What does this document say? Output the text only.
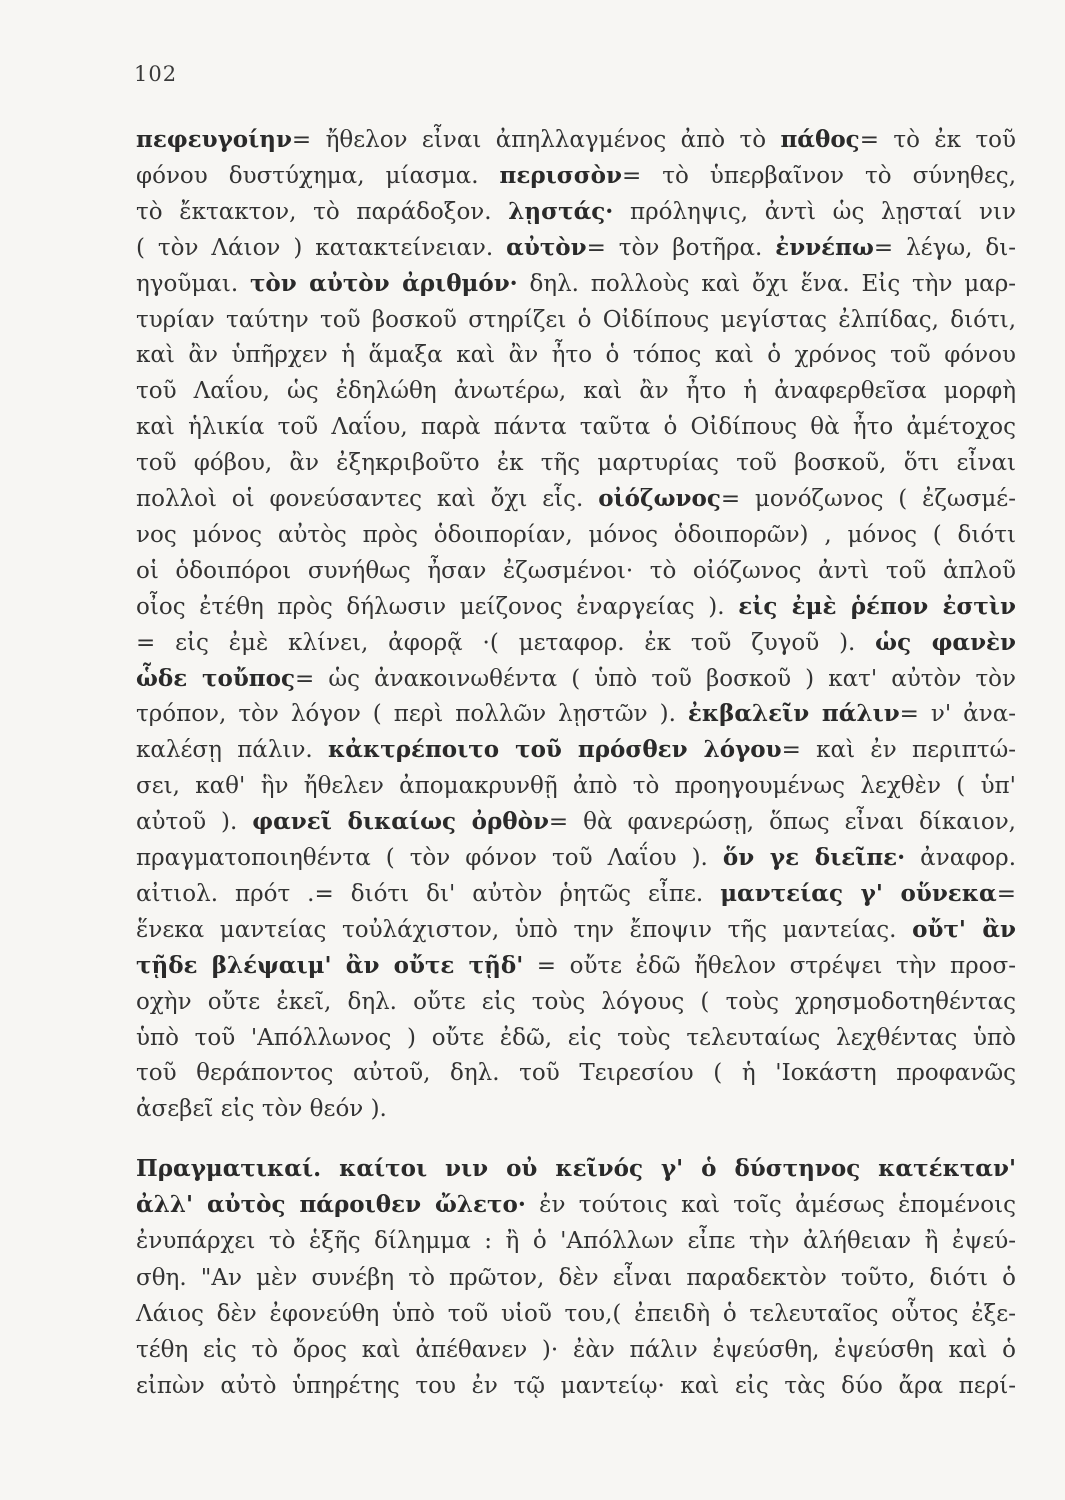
102
πεφευγοίην= ἤθελον εἶναι ἀπηλλαγμένος ἀπὸ τὸ πάθος= τὸ ἐκ τοῦ
φόνου δυστύχημα, μίασμα. περισσὸν= τὸ ὑπερβαῖνον τὸ σύνηθες,
τὸ ἔκτακτον, τὸ παράδοξον. λῃστάς· πρόληψις, ἀντὶ ὡς λῃσταί νιν
( τὸν Λάιον ) κατακτείνειαν. αὐτὸν= τὸν βοτῆρα. ἐννέπω= λέγω, δι-
ηγοῦμαι. τὸν αὐτὸν ἀριθμόν· δηλ. πολλοὺς καὶ ὄχι ἕνα. Εἰς τὴν μαρ-
τυρίαν ταύτην τοῦ βοσκοῦ στηρίζει ὁ Οἰδίπους μεγίστας ἐλπίδας, διότι,
καὶ ἂν ὑπῆρχεν ἡ ἅμαξα καὶ ἂν ἦτο ὁ τόπος καὶ ὁ χρόνος τοῦ φόνου
τοῦ Λαΐου, ὡς ἐδηλώθη ἀνωτέρω, καὶ ἂν ἦτο ἡ ἀναφερθεῖσα μορφὴ
καὶ ἡλικία τοῦ Λαΐου, παρὰ πάντα ταῦτα ὁ Οἰδίπους θὰ ἦτο ἀμέτοχος
τοῦ φόβου, ἂν ἐξηκριβοῦτο ἐκ τῆς μαρτυρίας τοῦ βοσκοῦ, ὅτι εἶναι
πολλοὶ οἱ φονεύσαντες καὶ ὄχι εἷς. οἰόζωνος= μονόζωνος ( ἐζωσμέ-
νος μόνος αὐτὸς πρὸς ὁδοιπορίαν, μόνος ὁδοιπορῶν) , μόνος ( διότι
οἱ ὁδοιπόροι συνήθως ἦσαν ἐζωσμένοι· τὸ οἰόζωνος ἀντὶ τοῦ ἁπλοῦ
οἶος ἐτέθη πρὸς δήλωσιν μείζονος ἐναργείας ). εἰς ἐμὲ ῥέπον ἐστὶν
= εἰς ἐμὲ κλίνει, ἀφορᾷ ·( μεταφορ. ἐκ τοῦ ζυγοῦ ). ὡς φανὲν
ὧδε τοὔπος= ὡς ἀνακοινωθέντα ( ὑπὸ τοῦ βοσκοῦ ) κατ' αὐτὸν τὸν
τρόπον, τὸν λόγον ( περὶ πολλῶν λῃστῶν ). ἐκβαλεῖν πάλιν= ν' ἀνα-
καλέσῃ πάλιν. κἀκτρέποιτο τοῦ πρόσθεν λόγου= καὶ ἐν περιπτώ-
σει, καθ' ἣν ἤθελεν ἀπομακρυνθῇ ἀπὸ τὸ προηγουμένως λεχθὲν ( ὑπ'
αὐτοῦ ). φανεῖ δικαίως ὀρθὸν= θὰ φανερώσῃ, ὅπως εἶναι δίκαιον,
πραγματοποιηθέντα ( τὸν φόνον τοῦ Λαΐου ). ὅν γε διεῖπε· ἀναφορ.
αἰτιολ. πρότ .= διότι δι' αὐτὸν ῥητῶς εἶπε. μαντείας γ' οὕνεκα=
ἕνεκα μαντείας τοὐλάχιστον, ὑπὸ την ἔποψιν τῆς μαντείας. οὔτ' ἂν
τῇδε βλέψαιμ' ἂν οὔτε τῇδ' = οὔτε ἐδῶ ἤθελον στρέψει τὴν προσ-
οχὴν οὔτε ἐκεῖ, δηλ. οὔτε εἰς τοὺς λόγους ( τοὺς χρησμοδοτηθέντας
ὑπὸ τοῦ 'Απόλλωνος ) οὔτε ἐδῶ, εἰς τοὺς τελευταίως λεχθέντας ὑπὸ
τοῦ θεράποντος αὐτοῦ, δηλ. τοῦ Τειρεσίου ( ἡ 'Ιοκάστη προφανῶς
ἀσεβεῖ εἰς τὸν θεόν ).
Πραγματικαί. καίτοι νιν οὐ κεῖνός γ' ὁ δύστηνος κατέκταν'
ἀλλ' αὐτὸς πάροιθεν ὤλετο· ἐν τούτοις καὶ τοῖς ἀμέσως ἑπομένοις
ἐνυπάρχει τὸ ἑξῆς δίλημμα : ἢ ὁ 'Απόλλων εἶπε τὴν ἀλήθειαν ἢ ἐψεύ-
σθη. "Αν μὲν συνέβη τὸ πρῶτον, δὲν εἶναι παραδεκτὸν τοῦτο, διότι ὁ
Λάιος δὲν ἐφονεύθη ὑπὸ τοῦ υἱοῦ του,( ἐπειδὴ ὁ τελευταῖος οὗτος ἐξε-
τέθη εἰς τὸ ὄρος καὶ ἀπέθανεν )· ἐὰν πάλιν ἐψεύσθη, ἐψεύσθη καὶ ὁ
εἰπὼν αὐτὸ ὑπηρέτης του ἐν τῷ μαντείῳ· καὶ εἰς τὰς δύο ἄρα περί-
